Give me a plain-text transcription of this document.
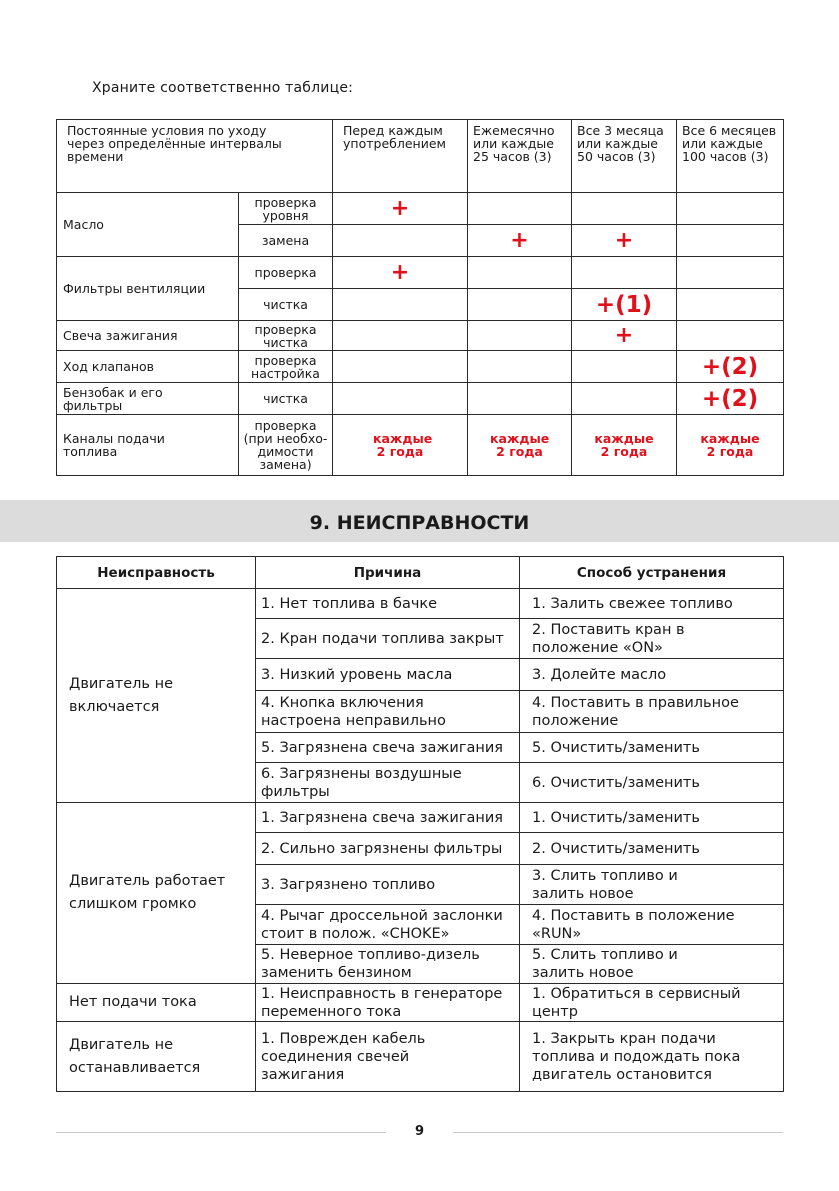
Храните соответственно таблице:
Постоянные условия по уходу через определённые интервалы времени		Перед каждым употреблением	Ежемесячно или каждые 25 часов (3)	Все 3 месяца или каждые 50 часов (3)	Все 6 месяцев или каждые 100 часов (3)
Масло	проверка уровня	+			
	замена		+	+	
Фильтры вентиляции	проверка	+			
	чистка			+(1)	
Свеча зажигания	проверка чистка			+	
Ход клапанов	проверка настройка				+(2)
Бензобак и его фильтры	чистка				+(2)
Каналы подачи топлива	проверка (при необхо-димости замена)	каждые 2 года	каждые 2 года	каждые 2 года	каждые 2 года
9. НЕИСПРАВНОСТИ
Неисправность	Причина	Способ устранения
Двигатель не включается	1. Нет топлива в бачке	1. Залить свежее топливо
	2. Кран подачи топлива закрыт	2. Поставить кран в положение «ON»
	3. Низкий уровень масла	3. Долейте масло
	4. Кнопка включения настроена неправильно	4. Поставить в правильное положение
	5. Загрязнена свеча зажигания	5. Очистить/заменить
	6. Загрязнены воздушные фильтры	6. Очистить/заменить
Двигатель работает слишком громко	1. Загрязнена свеча зажигания	1. Очистить/заменить
	2. Сильно загрязнены фильтры	2. Очистить/заменить
	3. Загрязнено топливо	3. Слить топливо и залить новое
	4. Рычаг дроссельной заслонки стоит в полож. «CHOKE»	4. Поставить в положение «RUN»
	5. Неверное топливо-дизель заменить бензином	5. Слить топливо и залить новое
Нет подачи тока	1. Неисправность в генераторе переменного тока	1. Обратиться в сервисный центр
Двигатель не останавливается	1. Поврежден кабель соединения свечей зажигания	1. Закрыть кран подачи топлива и подождать пока двигатель остановится
9
